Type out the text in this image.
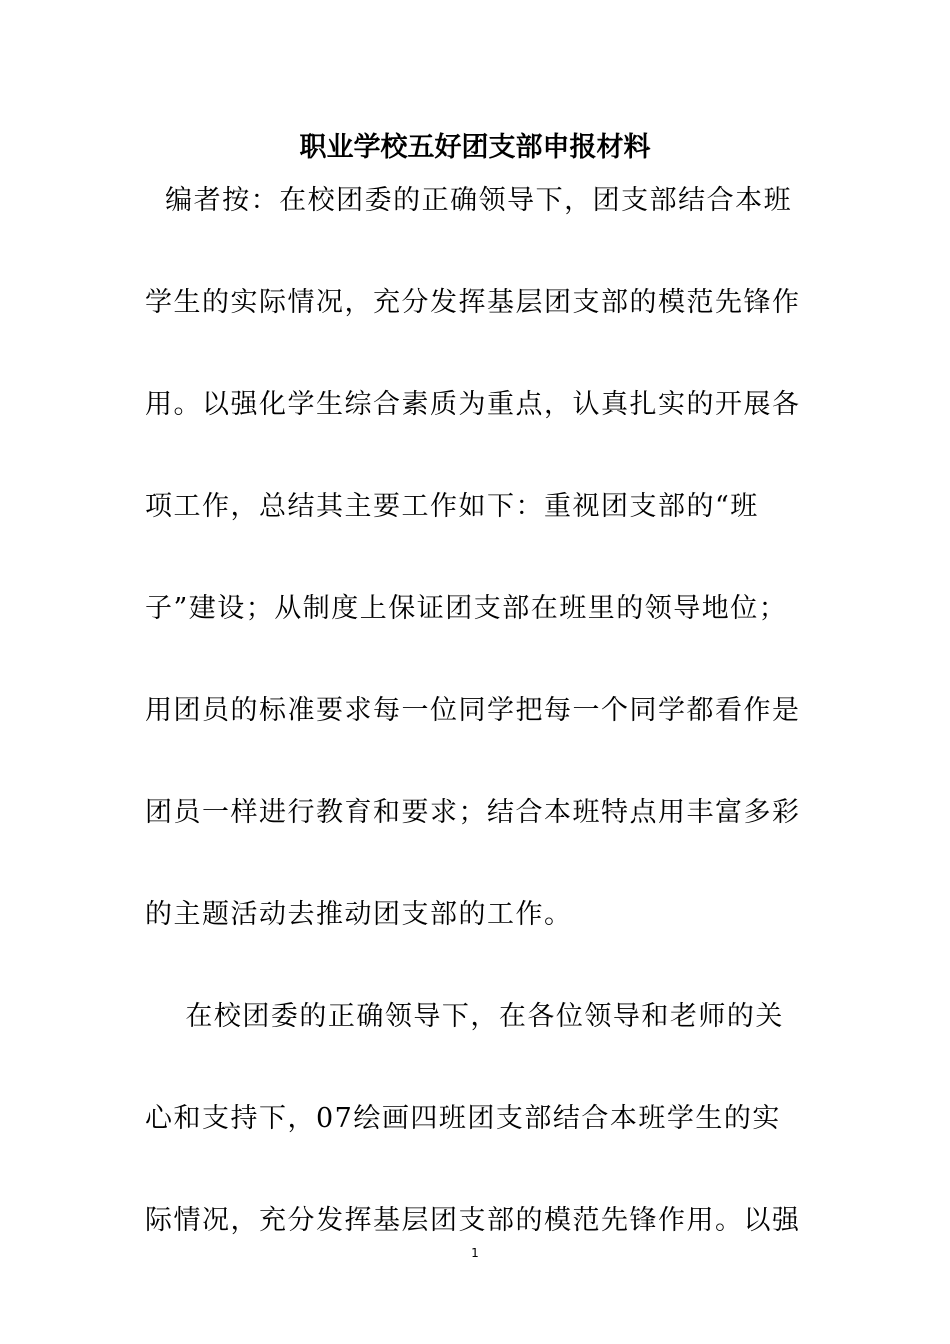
职业学校五好团支部申报材料

编者按：在校团委的正确领导下，团支部结合本班

学生的实际情况，充分发挥基层团支部的模范先锋作

用。以强化学生综合素质为重点，认真扎实的开展各

项工作，总结其主要工作如下：重视团支部的“班

子”建设；从制度上保证团支部在班里的领导地位；

用团员的标准要求每一位同学把每一个同学都看作是

团员一样进行教育和要求；结合本班特点用丰富多彩

的主题活动去推动团支部的工作。

在校团委的正确领导下，在各位领导和老师的关

心和支持下，07绘画四班团支部结合本班学生的实

际情况，充分发挥基层团支部的模范先锋作用。以强

1
